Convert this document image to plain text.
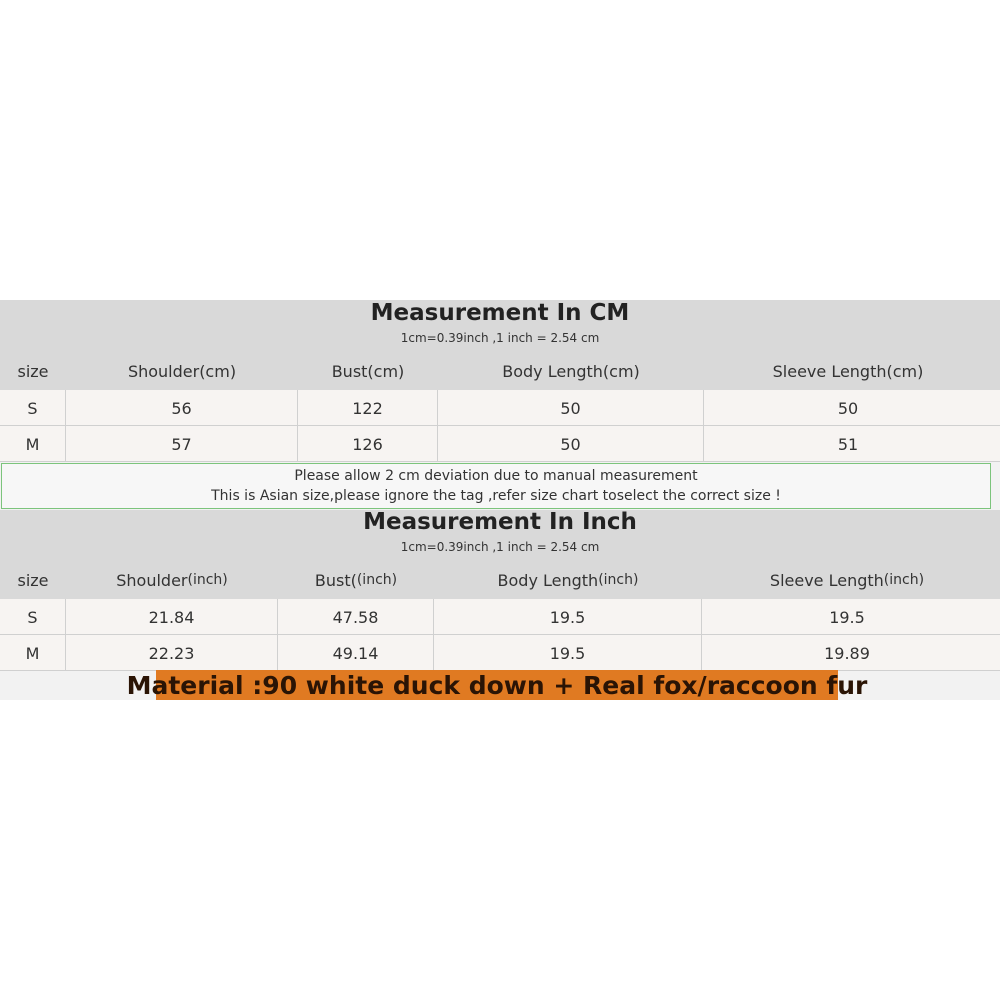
Measurement In CM
1cm=0.39inch ,1 inch = 2.54 cm
size	Shoulder(cm)	Bust(cm)	Body Length(cm)	Sleeve Length(cm)
S	56	122	50	50
M	57	126	50	51
Please allow 2 cm deviation due to manual measurement
This is Asian size,please ignore the tag ,refer size chart toselect the correct size !
Measurement In Inch
1cm=0.39inch ,1 inch = 2.54 cm
size	Shoulder (inch)	Bust( (inch)	Body Length (inch)	Sleeve Length (inch)
S	21.84	47.58	19.5	19.5
M	22.23	49.14	19.5	19.89
Material :90 white duck down + Real fox/raccoon fur
